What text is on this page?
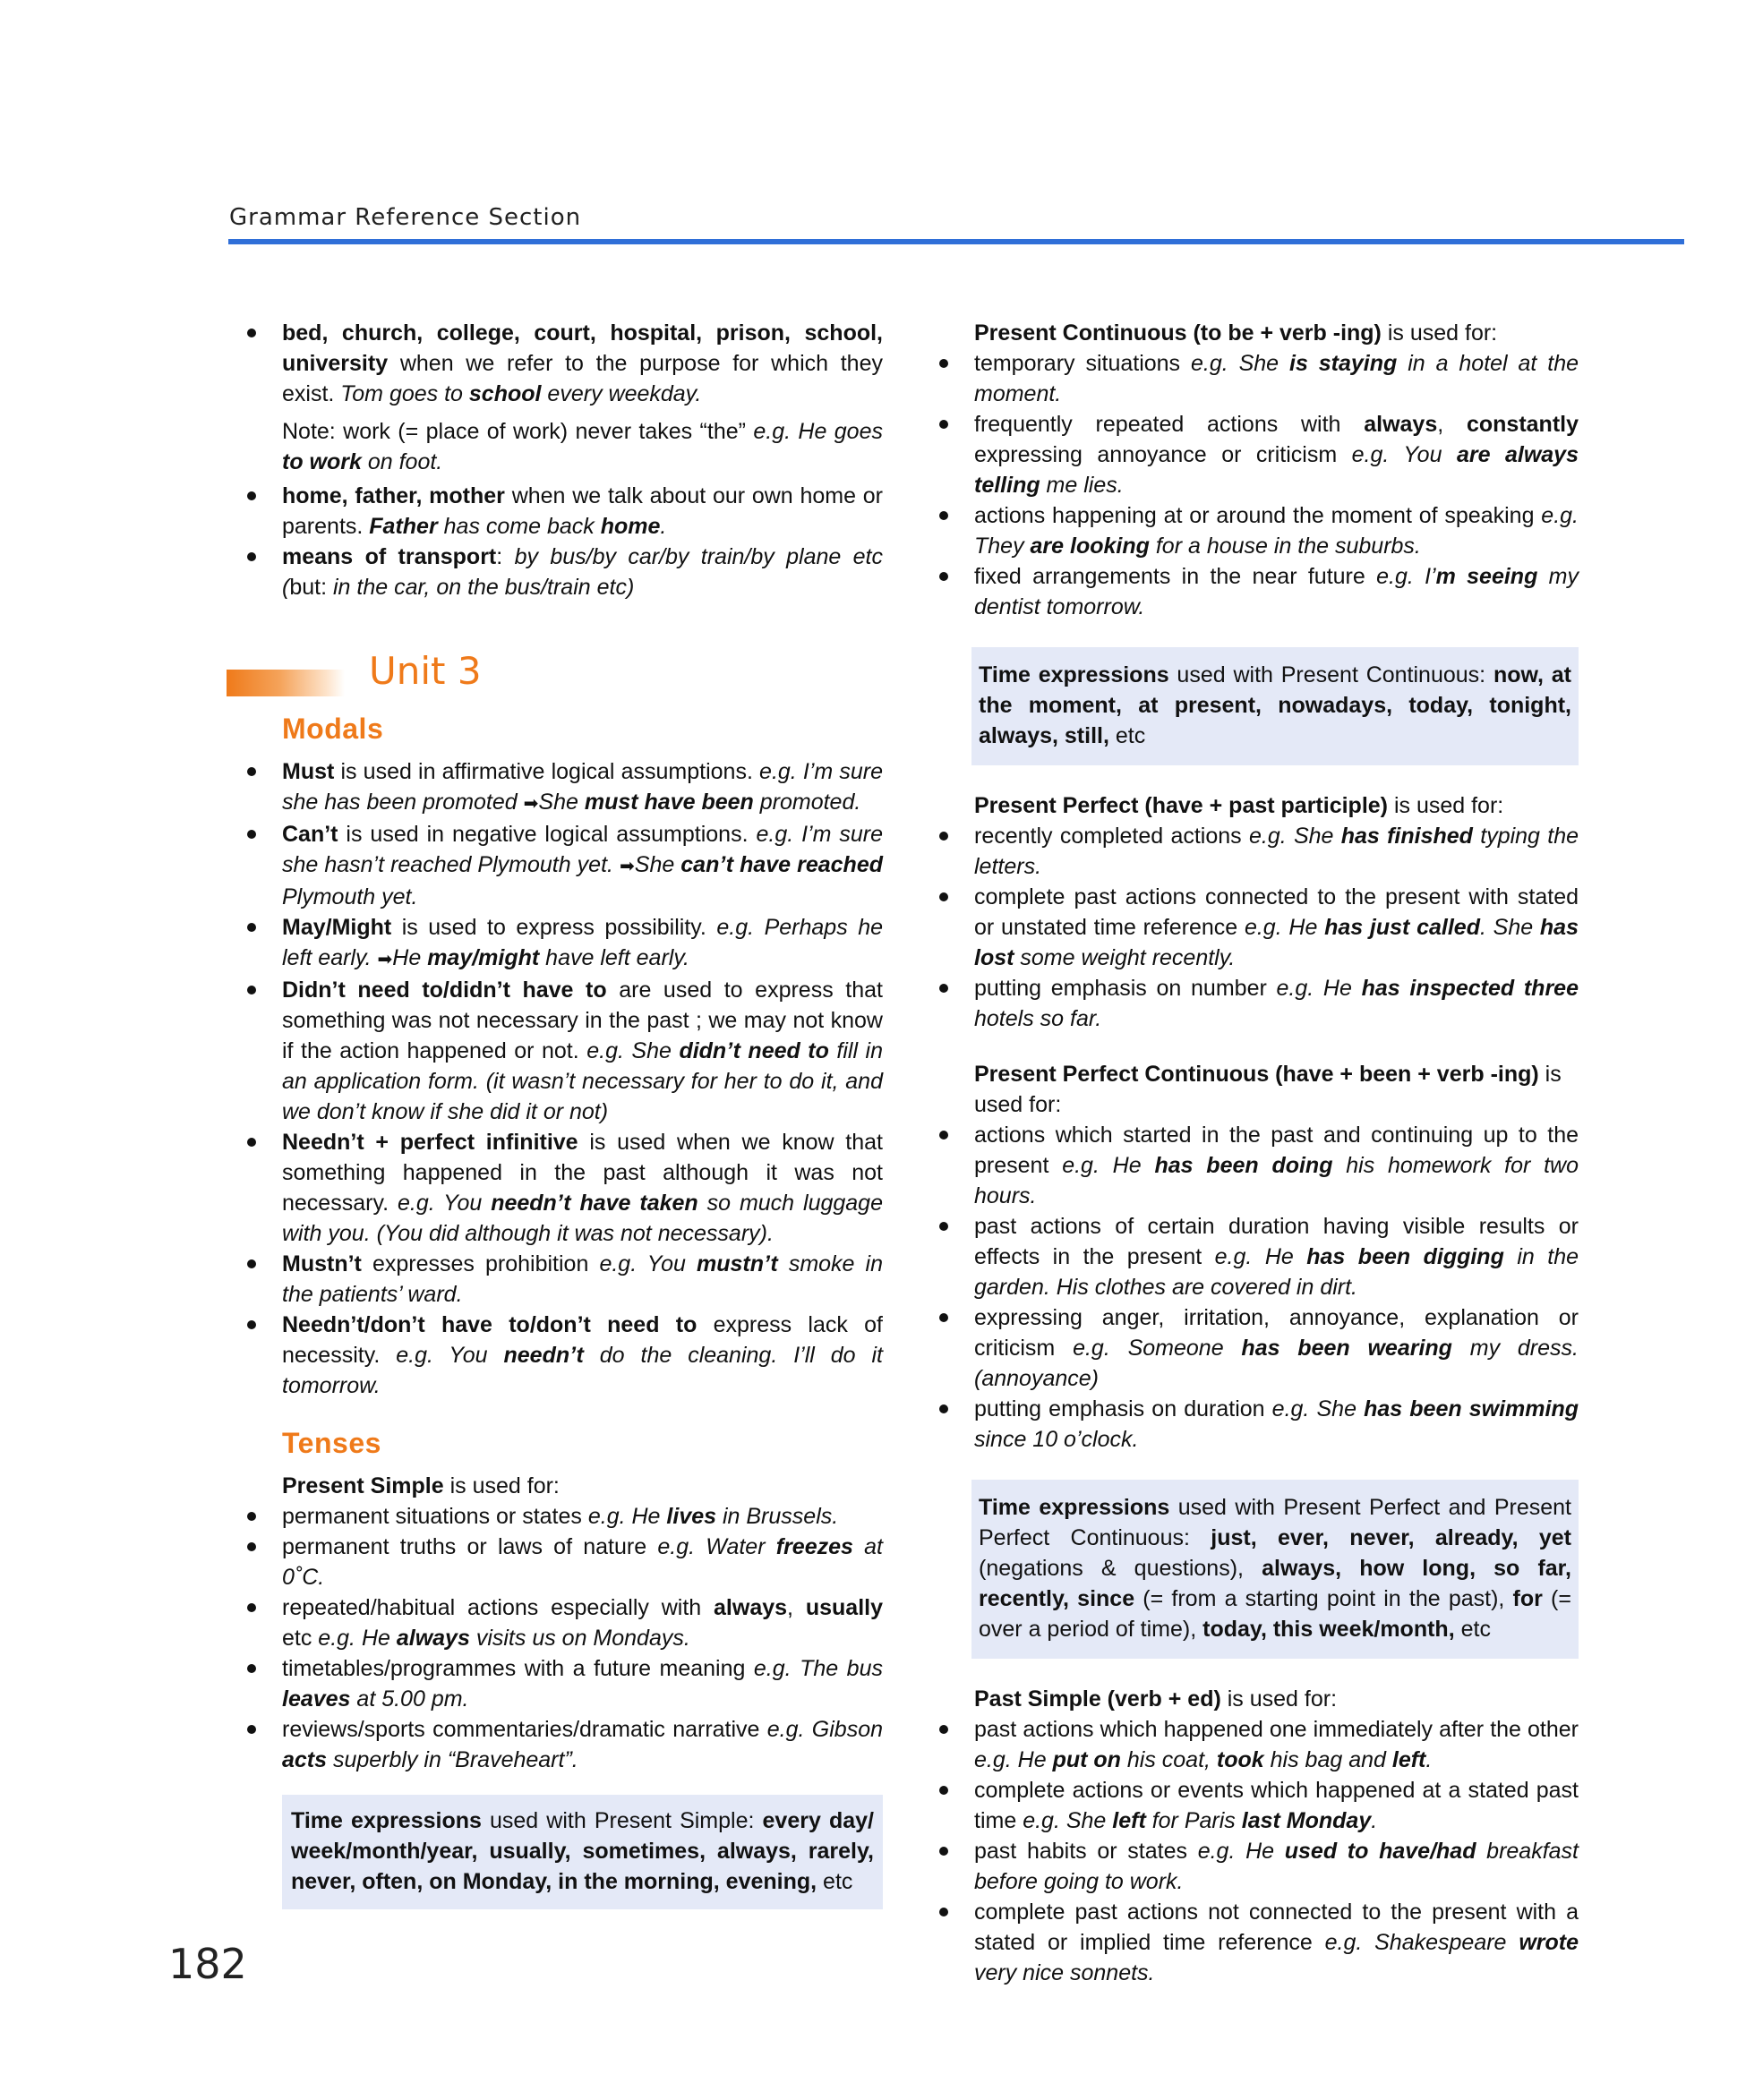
Grammar Reference Section
bed, church, college, court, hospital, prison, school, university when we refer to the purpose for which they exist. Tom goes to school every weekday.
Note: work (= place of work) never takes “the” e.g. He goes to work on foot.
home, father, mother when we talk about our own home or parents. Father has come back home.
means of transport: by bus/by car/by train/by plane etc (but: in the car, on the bus/train etc)
Unit 3
Modals
Must is used in affirmative logical assumptions. e.g. I’m sure she has been promoted ➡She must have been promoted.
Can’t is used in negative logical assumptions. e.g. I’m sure she hasn’t reached Plymouth yet. ➡She can’t have reached Plymouth yet.
May/Might is used to express possibility. e.g. Perhaps he left early. ➡He may/might have left early.
Didn’t need to/didn’t have to are used to express that something was not necessary in the past ; we may not know if the action happened or not. e.g. She didn’t need to fill in an application form. (it wasn’t necessary for her to do it, and we don’t know if she did it or not)
Needn’t + perfect infinitive is used when we know that something happened in the past although it was not necessary. e.g. You needn’t have taken so much luggage with you. (You did although it was not necessary).
Mustn’t expresses prohibition e.g. You mustn’t smoke in the patients’ ward.
Needn’t/don’t have to/don’t need to express lack of necessity. e.g. You needn’t do the cleaning. I’ll do it tomorrow.
Tenses
Present Simple is used for:
permanent situations or states e.g. He lives in Brussels.
permanent truths or laws of nature e.g. Water freezes at 0˚C.
repeated/habitual actions especially with always, usually etc e.g. He always visits us on Mondays.
timetables/programmes with a future meaning e.g. The bus leaves at 5.00 pm.
reviews/sports commentaries/dramatic narrative e.g. Gibson acts superbly in “Braveheart”.
Time expressions used with Present Simple: every day/ week/month/year, usually, sometimes, always, rarely, never, often, on Monday, in the morning, evening, etc
Present Continuous (to be + verb -ing) is used for:
temporary situations e.g. She is staying in a hotel at the moment.
frequently repeated actions with always, constantly expressing annoyance or criticism e.g. You are always telling me lies.
actions happening at or around the moment of speaking e.g. They are looking for a house in the suburbs.
fixed arrangements in the near future e.g. I’m seeing my dentist tomorrow.
Time expressions used with Present Continuous: now, at the moment, at present, nowadays, today, tonight, always, still, etc
Present Perfect (have + past participle) is used for:
recently completed actions e.g. She has finished typing the letters.
complete past actions connected to the present with stated or unstated time reference e.g. He has just called. She has lost some weight recently.
putting emphasis on number e.g. He has inspected three hotels so far.
Present Perfect Continuous (have + been + verb -ing) is used for:
actions which started in the past and continuing up to the present e.g. He has been doing his homework for two hours.
past actions of certain duration having visible results or effects in the present e.g. He has been digging in the garden. His clothes are covered in dirt.
expressing anger, irritation, annoyance, explanation or criticism e.g. Someone has been wearing my dress. (annoyance)
putting emphasis on duration e.g. She has been swimming since 10 o’clock.
Time expressions used with Present Perfect and Present Perfect Continuous: just, ever, never, already, yet (negations & questions), always, how long, so far, recently, since (= from a starting point in the past), for (= over a period of time), today, this week/month, etc
Past Simple (verb + ed) is used for:
past actions which happened one immediately after the other e.g. He put on his coat, took his bag and left.
complete actions or events which happened at a stated past time e.g. She left for Paris last Monday.
past habits or states e.g. He used to have/had breakfast before going to work.
complete past actions not connected to the present with a stated or implied time reference e.g. Shakespeare wrote very nice sonnets.
182
